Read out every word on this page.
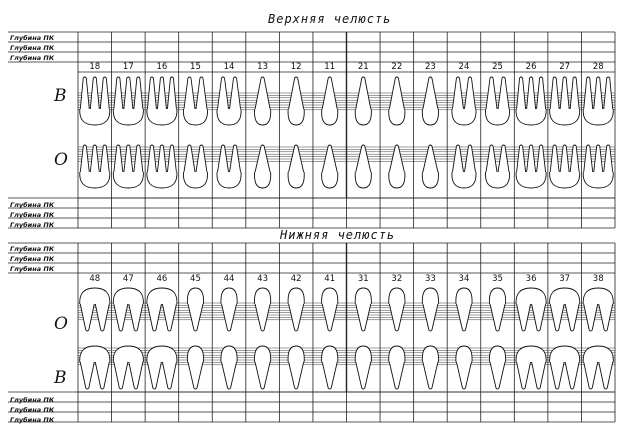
Верхняя челюсть
Нижняя челюсть
В
О
О
В
Глубина ПК
Глубина ПК
Глубина ПК
Глубина ПК
Глубина ПК
Глубина ПК
Глубина ПК
Глубина ПК
Глубина ПК
Глубина ПК
Глубина ПК
Глубина ПК
18	17	16	15	14	13	12	11	21	22	23	24	25	26	27	28
48	47	46	45	44	43	42	41	31	32	33	34	35	36	37	38
